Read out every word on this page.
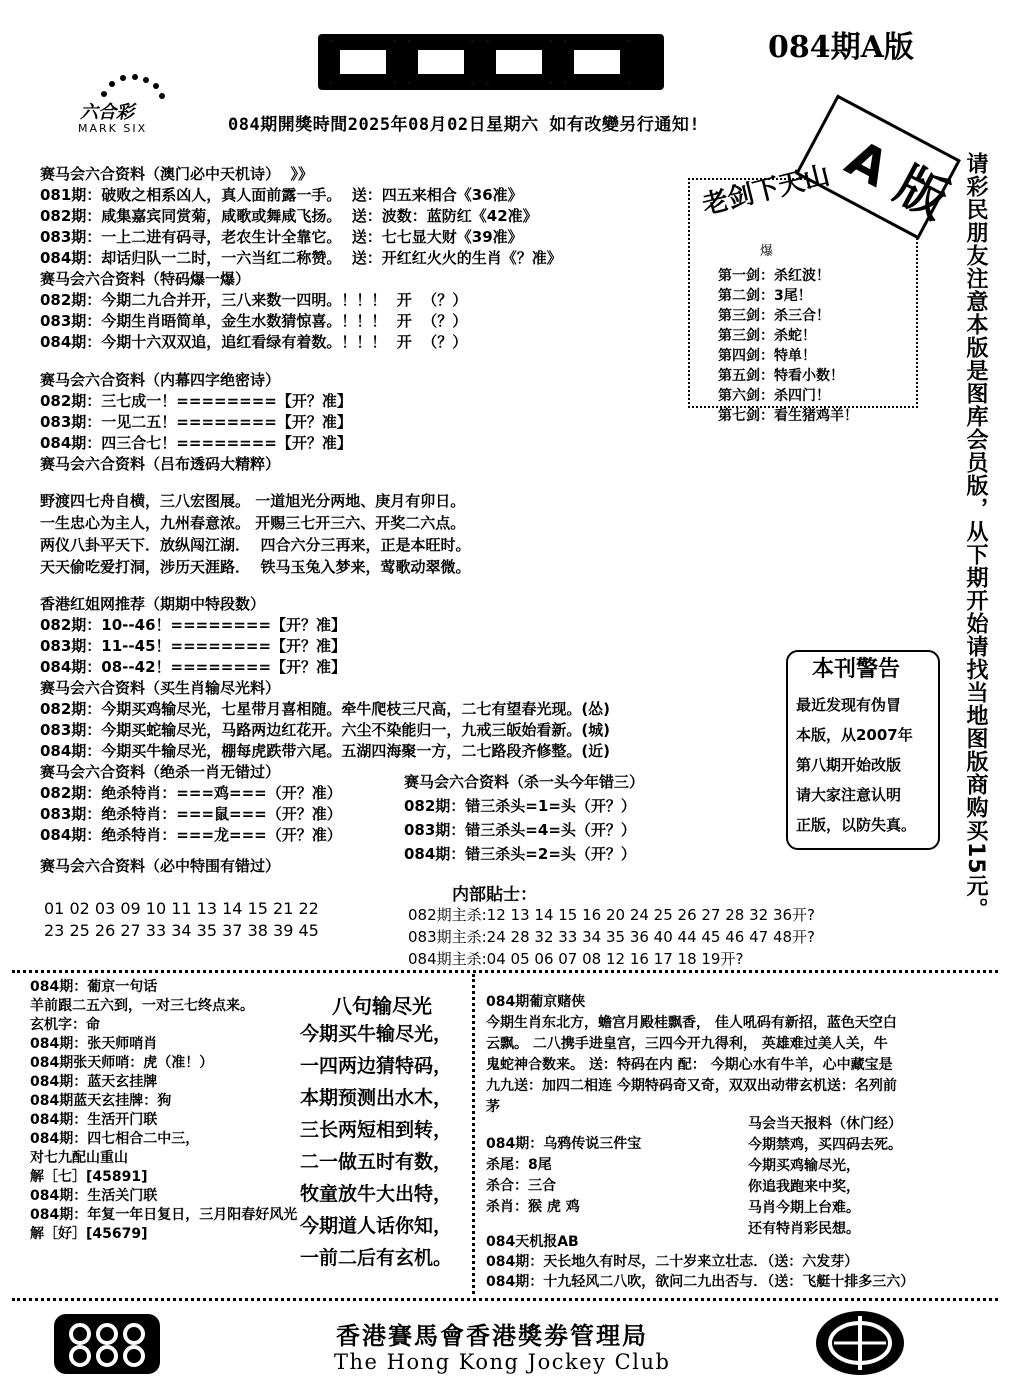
084期A版
六合彩
MARK SIX	084期開獎時間2025年08月02日星期六 如有改變另行通知!
请彩民朋友注意本版是图库会员版，从下期开始请找当地图版商购买15元。
A 版
老剑下天山
爆
第一剑：杀红波！
第二剑：3尾！
第三剑：杀三合！
第三剑：杀蛇！
第四剑：特单！
第五剑：特看小数！
第六剑：杀四门！
第七剑：看生猪鸡羊！
赛马会六合资料（澳门必中天机诗）  》》
081期：破败之相系凶人，真人面前露一手。  送：四五来相合《36准》
082期：咸集嘉宾同赏菊，咸歌或舞咸飞扬。  送：波数：蓝防红《42准》
083期：一上二进有码寻，老农生计全靠它。  送：七七显大财《39准》
084期：却话归队一二时，一六当红二称赞。  送：开红红火火的生肖《？准》
赛马会六合资料（特码爆一爆）
082期：今期二九合并开，三八来数一四明。！！！  开  （？）
083期：今期生肖晤简单，金生水数猜惊喜。！！！  开  （？）
084期：今期十六双双追，追红看绿有着数。！！！  开  （？）
赛马会六合资料（内幕四字绝密诗）
082期：三七成一！========【开？准】
083期：一见二五！========【开？准】
084期：四三合七！========【开？准】
赛马会六合资料（吕布透码大精粹）
野渡四七舟自横，三八宏图展。 一道旭光分两地、庚月有卯日。
一生忠心为主人，九州春意浓。 开赐三七开三六、开奖二六点。
两仪八卦平天下．放纵闯江湖．  四合六分三再来，正是本旺时。
天天偷吃爱打洞，涉历天涯路．  铁马玉兔入梦来，莺歌动翠微。
香港红姐网推荐（期期中特段数）
082期：10--46！========【开？准】
083期：11--45！========【开？准】
084期：08--42！========【开？准】
赛马会六合资料（买生肖输尽光料）
082期：今期买鸡输尽光，七星带月喜相随。牵牛爬枝三尺高，二七有望春光现。(怂)
083期：今期买蛇输尽光，马路两边红花开。六尘不染能归一，九戒三皈始看新。(城)
084期：今期买牛输尽光，棚每虎跌带六尾。五湖四海聚一方，二七路段齐修整。(近)
赛马会六合资料（绝杀一肖无错过）
082期：绝杀特肖：===鸡===（开？准）
083期：绝杀特肖：===鼠===（开？准）
084期：绝杀特肖：===龙===（开？准）
赛马会六合资料（杀一头今年错三）
082期：错三杀头=1=头（开？）
083期：错三杀头=4=头（开？）
084期：错三杀头=2=头（开？）
本刊警告
最近发现有伪冒
本版，从2007年
第八期开始改版
请大家注意认明
正版，以防失真。
赛马会六合资料（必中特围有错过）
01 02 03 09 10 11 13 14 15 21 22
23 25 26 27 33 34 35 37 38 39 45
内部貼士：
082期主杀:12 13 14 15 16 20 24 25 26 27 28 32 36开?
083期主杀:24 28 32 33 34 35 36 40 44 45 46 47 48开?
084期主杀:04 05 06 07 08 12 16 17 18 19开?
084期：葡京一句话
羊前跟二五六到，一对三七终点来。
玄机字：命
084期：张天师哨肖
084期张天师哨：虎（准！）
084期：蓝天玄挂牌
084期蓝天玄挂牌：狗
084期：生活开门联
084期：四七相合二中三，
对七九配山重山
解［七］[45891]
084期：生活关门联
084期：年复一年日复日，三月阳春好风光
解［好］[45679]
八句输尽光
今期买牛输尽光，
一四两边猜特码，
本期预测出水木，
三长两短相到转，
二一做五时有数，
牧童放牛大出特，
今期道人话你知，
一前二后有玄机。
084期葡京赌侠
今期生肖东北方，蟾宫月殿桂飘香， 佳人吼码有新招，蓝色天空白
云飘。 二八携手进皇宫，三四今开九得利， 英雄难过美人关，牛
鬼蛇神合数来。 送：特码在内 配： 今期心水有牛羊，心中藏宝是
九九送：加四二相连 今期特码奇又奇，双双出动带玄机送：名列前
茅
084期：乌鸦传说三件宝
杀尾：8尾
杀合：三合
杀肖：猴 虎 鸡
马会当天报料（休门经）
今期禁鸡，买四码去死。
今期买鸡输尽光，
你追我跑来中奖，
马肖今期上台难。
还有特肖彩民想。
084天机报AB
084期：天长地久有时尽，二十岁来立壮志．（送：六发芽）
084期：十九轻风二八吹，欲问二九出否与．（送：飞艇十排多三六）
香港賽馬會香港獎劵管理局
The Hong Kong Jockey Club
